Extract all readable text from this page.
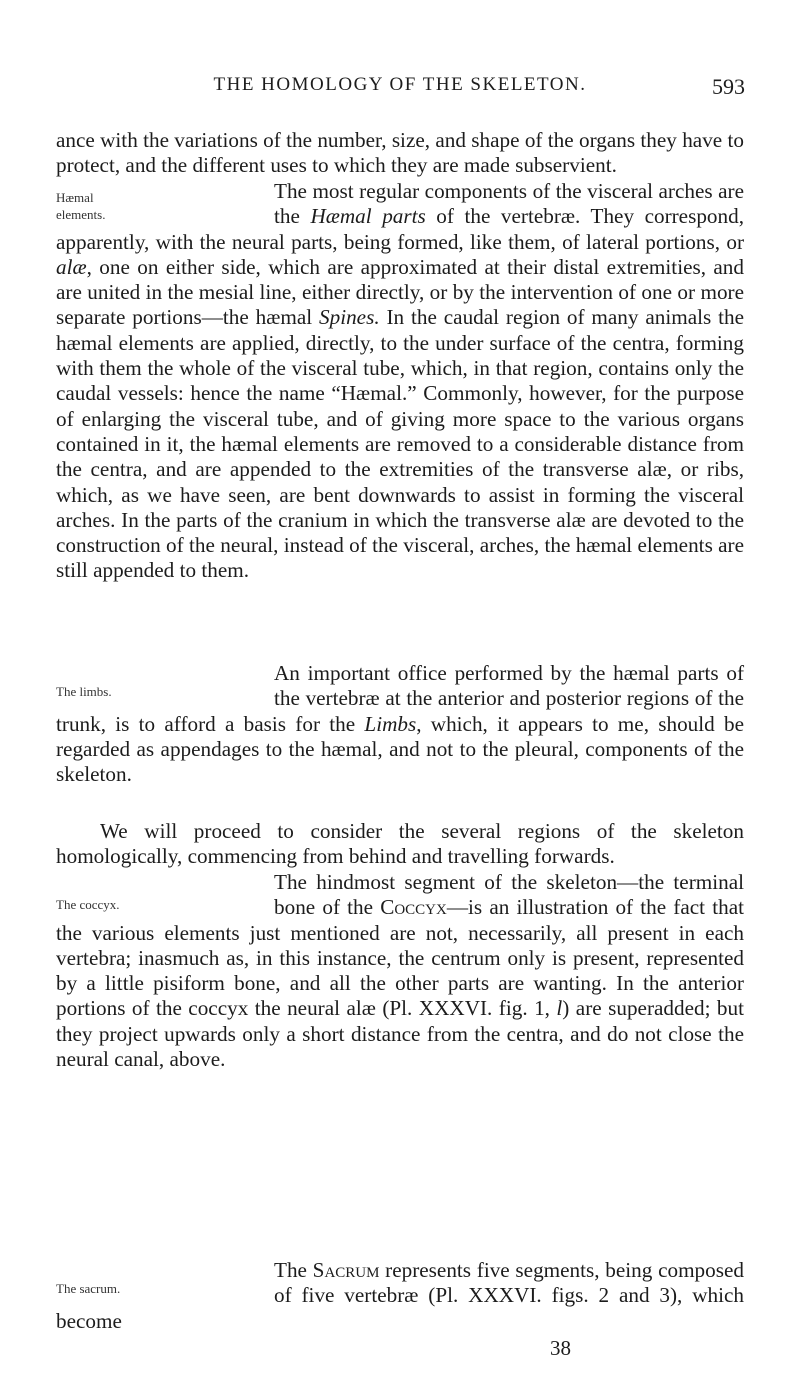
THE HOMOLOGY OF THE SKELETON.	593
ance with the variations of the number, size, and shape of the organs they have to protect, and the different uses to which they are made subservient.
Hæmal
elements.
The most regular components of the visceral arches are the Hæmal parts of the vertebræ. They correspond, apparently, with the neural parts, being formed, like them, of lateral portions, or alæ, one on either side, which are approximated at their distal extremities, and are united in the mesial line, either directly, or by the intervention of one or more separate portions—the hæmal Spines. In the caudal region of many animals the hæmal elements are applied, directly, to the under surface of the centra, forming with them the whole of the visceral tube, which, in that region, contains only the caudal vessels: hence the name “Hæmal.” Commonly, however, for the purpose of enlarging the visceral tube, and of giving more space to the various organs contained in it, the hæmal elements are removed to a considerable distance from the centra, and are appended to the extremities of the transverse alæ, or ribs, which, as we have seen, are bent downwards to assist in forming the visceral arches. In the parts of the cranium in which the transverse alæ are devoted to the construction of the neural, instead of the visceral, arches, the hæmal elements are still appended to them.
The limbs.
An important office performed by the hæmal parts of the vertebræ at the anterior and posterior regions of the trunk, is to afford a basis for the Limbs, which, it appears to me, should be regarded as appendages to the hæmal, and not to the pleural, components of the skeleton.
We will proceed to consider the several regions of the skeleton homologically, commencing from behind and travelling forwards.
The coccyx.
The hindmost segment of the skeleton—the terminal bone of the Coccyx—is an illustration of the fact that the various elements just mentioned are not, necessarily, all present in each vertebra; inasmuch as, in this instance, the centrum only is present, represented by a little pisiform bone, and all the other parts are wanting. In the anterior portions of the coccyx the neural alæ (Pl. XXXVI. fig. 1, l) are superadded; but they project upwards only a short distance from the centra, and do not close the neural canal, above.
The sacrum.
The Sacrum represents five segments, being composed of five vertebræ (Pl. XXXVI. figs. 2 and 3), which become
38
